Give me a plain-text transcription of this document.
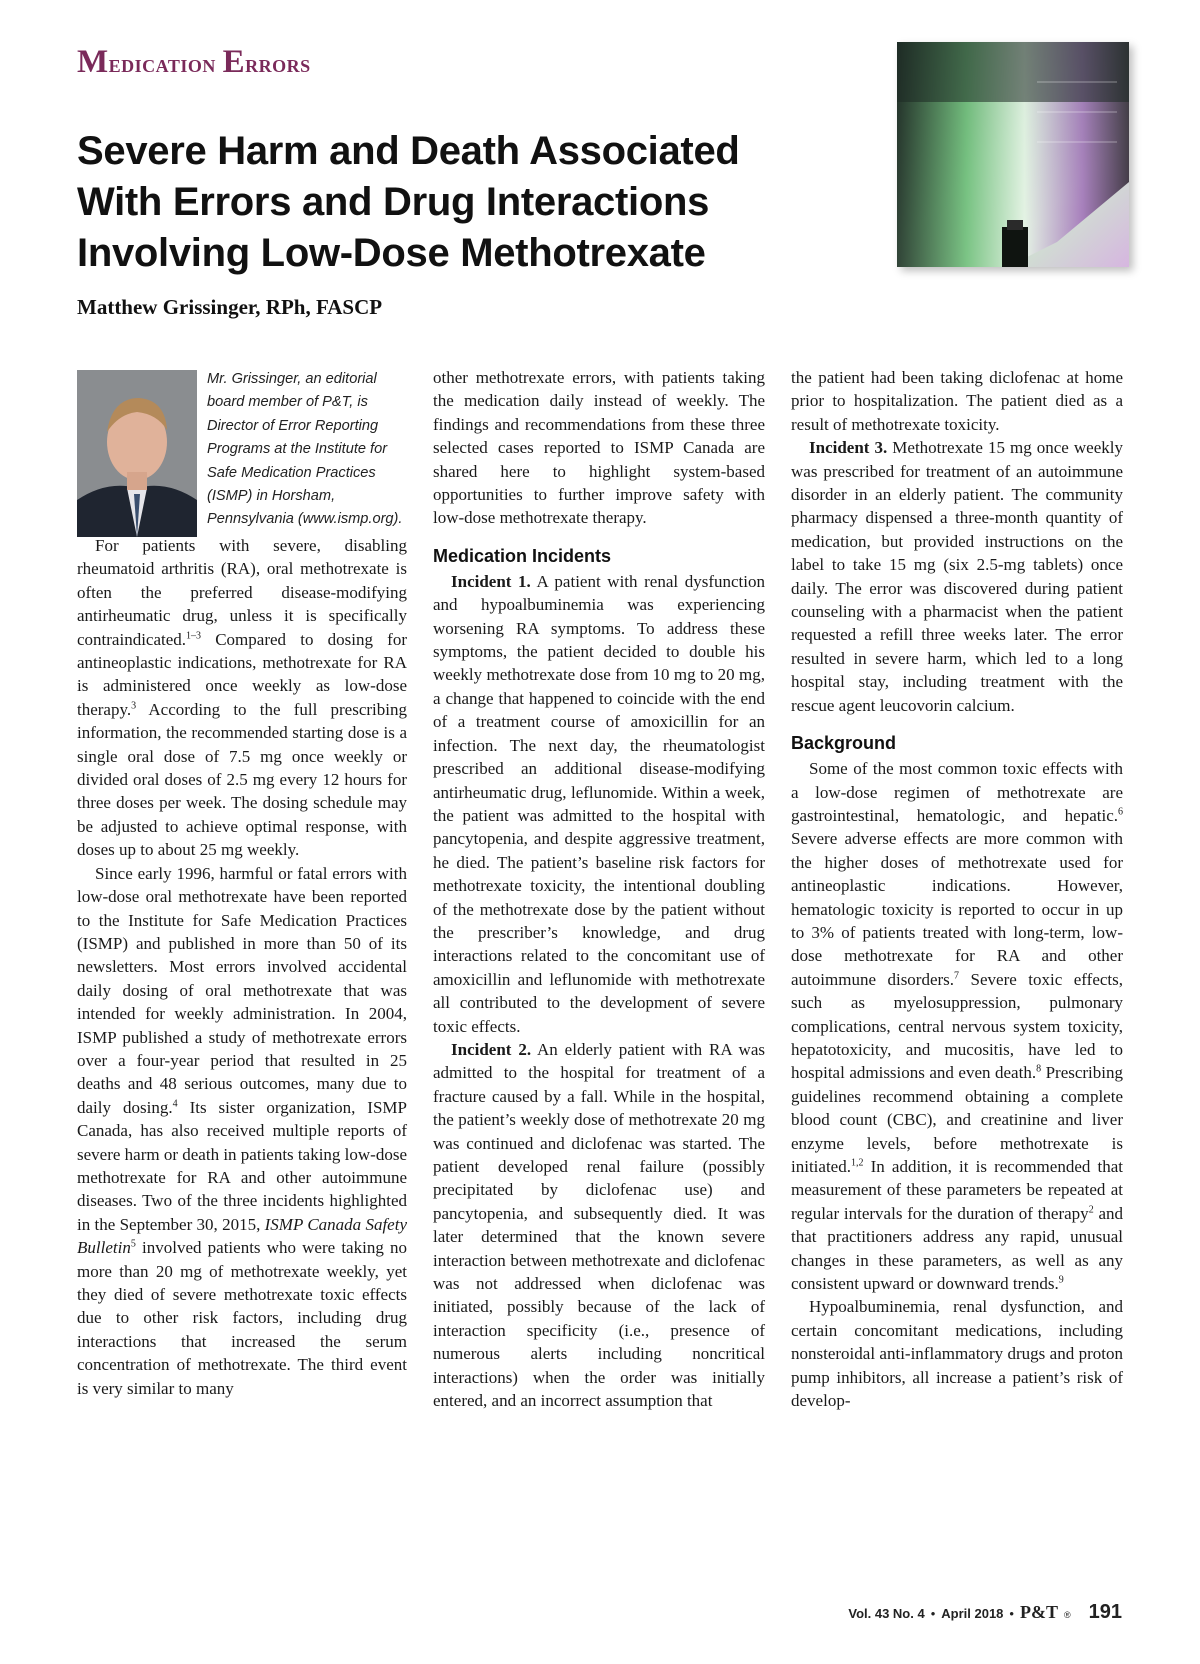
Medication Errors
Severe Harm and Death Associated
With Errors and Drug Interactions
Involving Low-Dose Methotrexate
Matthew Grissinger, RPh, FASCP
Mr. Grissinger, an editorial board member of P&T, is Director of Error Reporting Programs at the Institute for Safe Medication Practices (ISMP) in Horsham, Pennsylvania (www.ismp.org).

For patients with severe, disabling rheumatoid arthritis (RA), oral methotrexate is often the preferred disease-modifying antirheumatic drug, unless it is specifically contraindicated.$^{1-3}$ Compared to dosing for antineoplastic indications, methotrexate for RA is administered once weekly as low-dose therapy.$^3$ According to the full prescribing information, the recommended starting dose is a single oral dose of 7.5 mg once weekly or divided oral doses of 2.5 mg every 12 hours for three doses per week. The dosing schedule may be adjusted to achieve optimal response, with doses up to about 25 mg weekly.

Since early 1996, harmful or fatal errors with low-dose oral methotrexate have been reported to the Institute for Safe Medication Practices (ISMP) and published in more than 50 of its newsletters. Most errors involved accidental daily dosing of oral methotrexate that was intended for weekly administration. In 2004, ISMP published a study of methotrexate errors over a four-year period that resulted in 25 deaths and 48 serious outcomes, many due to daily dosing.$^4$ Its sister organization, ISMP Canada, has also received multiple reports of severe harm or death in patients taking low-dose methotrexate for RA and other autoimmune diseases. Two of the three incidents highlighted in the September 30, 2015, ISMP Canada Safety Bulletin$^5$ involved patients who were taking no more than 20 mg of methotrexate weekly, yet they died of severe methotrexate toxic effects due to other risk factors, including drug interactions that increased the serum concentration of methotrexate. The third event is very similar to many

other methotrexate errors, with patients taking the medication daily instead of weekly. The findings and recommendations from these three selected cases reported to ISMP Canada are shared here to highlight system-based opportunities to further improve safety with low-dose methotrexate therapy.

Medication Incidents

Incident 1. A patient with renal dysfunction and hypoalbuminemia was experiencing worsening RA symptoms. To address these symptoms, the patient decided to double his weekly methotrexate dose from 10 mg to 20 mg, a change that happened to coincide with the end of a treatment course of amoxicillin for an infection. The next day, the rheumatologist prescribed an additional disease-modifying antirheumatic drug, leflunomide. Within a week, the patient was admitted to the hospital with pancytopenia, and despite aggressive treatment, he died. The patient’s baseline risk factors for methotrexate toxicity, the intentional doubling of the methotrexate dose by the patient without the prescriber’s knowledge, and drug interactions related to the concomitant use of amoxicillin and leflunomide with methotrexate all contributed to the development of severe toxic effects.

Incident 2. An elderly patient with RA was admitted to the hospital for treatment of a fracture caused by a fall. While in the hospital, the patient’s weekly dose of methotrexate 20 mg was continued and diclofenac was started. The patient developed renal failure (possibly precipitated by diclofenac use) and pancytopenia, and subsequently died. It was later determined that the known severe interaction between methotrexate and diclofenac was not addressed when diclofenac was initiated, possibly because of the lack of interaction specificity (i.e., presence of numerous alerts including noncritical interactions) when the order was initially entered, and an incorrect assumption that

the patient had been taking diclofenac at home prior to hospitalization. The patient died as a result of methotrexate toxicity.

Incident 3. Methotrexate 15 mg once weekly was prescribed for treatment of an autoimmune disorder in an elderly patient. The community pharmacy dispensed a three-month quantity of medication, but provided instructions on the label to take 15 mg (six 2.5-mg tablets) once daily. The error was discovered during patient counseling with a pharmacist when the patient requested a refill three weeks later. The error resulted in severe harm, which led to a long hospital stay, including treatment with the rescue agent leucovorin calcium.

Background

Some of the most common toxic effects with a low-dose regimen of methotrexate are gastrointestinal, hematologic, and hepatic.$^6$ Severe adverse effects are more common with the higher doses of methotrexate used for antineoplastic indications. However, hematologic toxicity is reported to occur in up to 3% of patients treated with long-term, low-dose methotrexate for RA and other autoimmune disorders.$^7$ Severe toxic effects, such as myelosuppression, pulmonary complications, central nervous system toxicity, hepatotoxicity, and mucositis, have led to hospital admissions and even death.$^8$ Prescribing guidelines recommend obtaining a complete blood count (CBC), and creatinine and liver enzyme levels, before methotrexate is initiated.$^{1,2}$ In addition, it is recommended that measurement of these parameters be repeated at regular intervals for the duration of therapy$^2$ and that practitioners address any rapid, unusual changes in these parameters, as well as any consistent upward or downward trends.$^9$

Hypoalbuminemia, renal dysfunction, and certain concomitant medications, including nonsteroidal anti-inflammatory drugs and proton pump inhibitors, all increase a patient’s risk of develop-

Vol. 43 No. 4 • April 2018 • P&T ® 191
